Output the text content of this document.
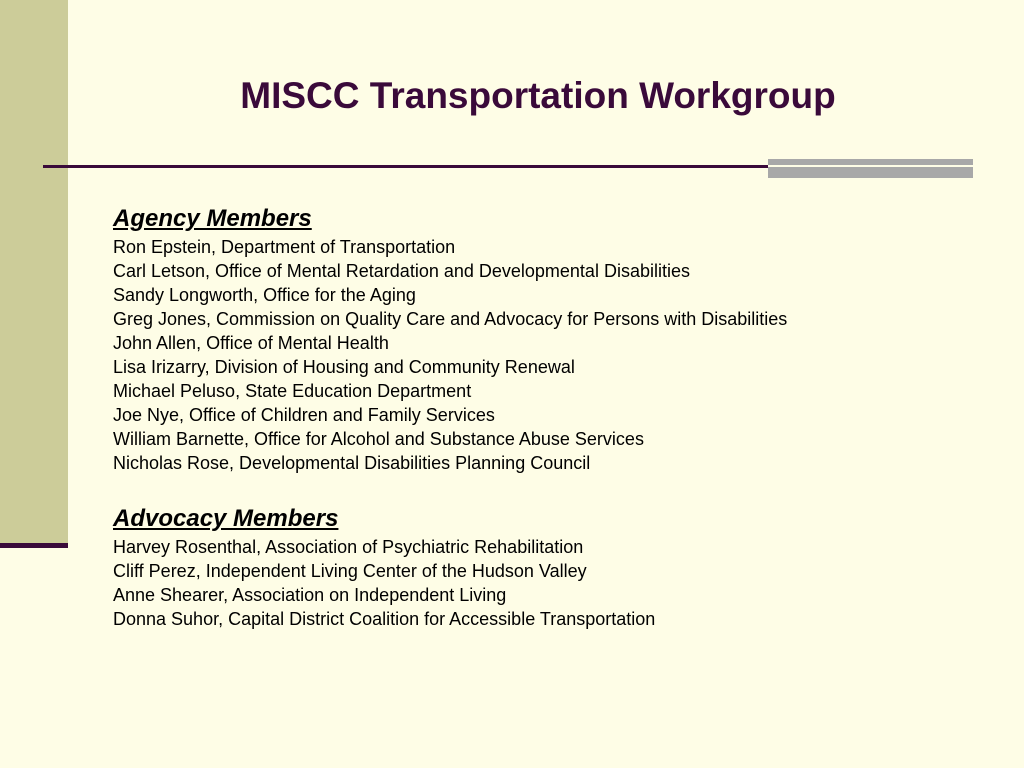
MISCC Transportation Workgroup
Agency Members
Ron Epstein, Department of Transportation
Carl Letson, Office of Mental Retardation and Developmental Disabilities
Sandy Longworth, Office for the Aging
Greg Jones, Commission on Quality Care and Advocacy for Persons with Disabilities
John Allen, Office of Mental Health
Lisa Irizarry, Division of Housing and Community Renewal
Michael Peluso, State Education Department
Joe Nye, Office of Children and Family Services
William Barnette, Office for Alcohol and Substance Abuse Services
Nicholas Rose, Developmental Disabilities Planning Council
Advocacy Members
Harvey Rosenthal, Association of Psychiatric Rehabilitation
Cliff Perez, Independent Living Center of the Hudson Valley
Anne Shearer, Association on Independent Living
Donna Suhor, Capital District Coalition for Accessible Transportation
